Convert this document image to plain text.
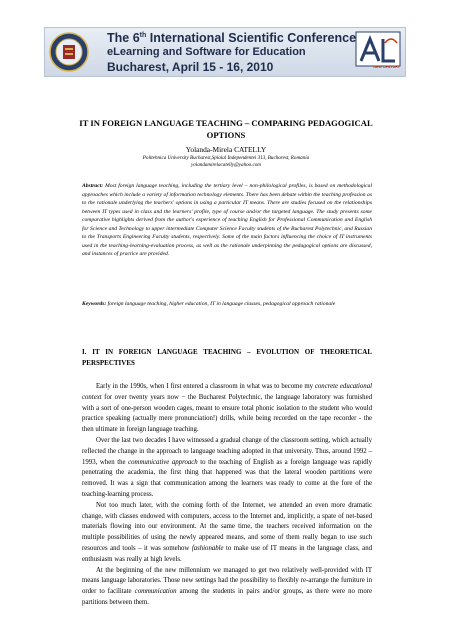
The 6th International Scientific Conference
eLearning and Software for Education
Bucharest, April 15 - 16, 2010	NEW CENTURY
IT IN FOREIGN LANGUAGE TEACHING – COMPARING PEDAGOGICAL
OPTIONS
Yolanda-Mirela CATELLY
Politehnica University Bucharest,Splaiul Independentei 313, Bucharest, Romania
yolandamirelacatelly@yahoo.com
Abstract: Most foreign language teaching, including the tertiary level – non-philological profiles, is based on methodological approaches which include a variety of information technology elements. There has been debate within the teaching profession as to the rationale underlying the teachers' options in using a particular IT means. There are studies focused on the relationships between IT types used in class and the learners' profile, type of course and/or the targeted language. The study presents some comparative highlights derived from the author's experience of teaching English for Professional Communication and English for Science and Technology to upper intermediate Computer Science Faculty students of the Bucharest Polytechnic, and Russian to the Transports Engineering Faculty students, respectively. Some of the main factors influencing the choice of IT instruments used in the teaching-learning-evaluation process, as well as the rationale underpinning the pedagogical options are discussed, and instances of practice are provided.
Keywords: foreign language teaching, higher education, IT in language classes, pedagogical approach rationale
I. IT IN FOREIGN LANGUAGE TEACHING – EVOLUTION OF THEORETICAL PERSPECTIVES

Early in the 1990s, when I first entered a classroom in what was to become my concrete educational context for over twenty years now − the Bucharest Polytechnic, the language laboratory was furnished with a sort of one-person wooden cages, meant to ensure total phonic isolation to the student who would practice speaking (actually mere pronunciation!) drills, while being recorded on the tape recorder - the then ultimate in foreign language teaching.

Over the last two decades I have witnessed a gradual change of the classroom setting, which actually reflected the change in the approach to language teaching adopted in that university. Thus, around 1992 – 1993, when the communicative approach to the teaching of English as a foreign language was rapidly penetrating the academia, the first thing that happened was that the lateral wooden partitions were removed. It was a sign that communication among the learners was ready to come at the fore of the teaching-learning process.

Not too much later, with the coming forth of the Internet, we attended an even more dramatic change, with classes endowed with computers, access to the Internet and, implicitly, a spate of net-based materials flowing into our environment. At the same time, the teachers received information on the multiple possibilities of using the newly appeared means, and some of them really began to use such resources and tools – it was somehow fashionable to make use of IT means in the language class, and enthusiasm was really at high levels.

At the beginning of the new millennium we managed to get two relatively well-provided with IT means language laboratories. Those new settings had the possibility to flexibly re-arrange the furniture in order to facilitate communication among the students in pairs and/or groups, as there were no more partitions between them.
